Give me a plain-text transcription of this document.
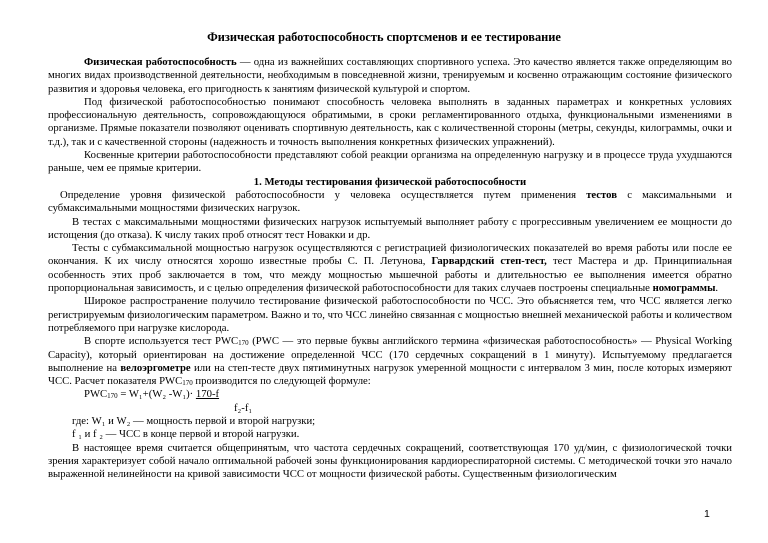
Физическая работоспособность спортсменов и ее тестирование

Физическая работоспособность — одна из важнейших составляющих спортивного успеха. Это качество является также определяющим во многих видах производственной деятельности, необходимым в повседневной жизни, тренируемым и косвенно отражающим состояние физического развития и здоровья человека, его пригодность к занятиям физической культурой и спортом.

Под физической работоспособностью понимают способность человека выполнять в заданных параметрах и конкретных условиях профессиональную деятельность, сопровождающуюся обратимыми, в сроки регламентированного отдыха, функциональными изменениями в организме. Прямые показатели позволяют оценивать спортивную деятельность, как с количественной стороны (метры, секунды, килограммы, очки и т.д.), так и с качественной стороны (надежность и точность выполнения конкретных физических упражнений).

Косвенные критерии работоспособности представляют собой реакции организма на определенную нагрузку и в процессе труда ухудшаются раньше, чем ее прямые критерии.

1. Методы тестирования физической работоспособности

Определение уровня физической работоспособности у человека осуществляется путем применения тестов с максимальными и субмаксимальными мощностями физических нагрузок.

В тестах с максимальными мощностями физических нагрузок испытуемый выполняет работу с прогрессивным увеличением ее мощности до истощения (до отказа). К числу таких проб относят тест Новакки и др.

Тесты с субмаксимальной мощностью нагрузок осуществляются с регистрацией физиологических показателей во время работы или после ее окончания. К их числу относятся хорошо известные пробы С. П. Летунова, Гарвардский степ-тест, тест Мастера и др. Принципиальная особенность этих проб заключается в том, что между мощностью мышечной работы и длительностью ее выполнения имеется обратно пропорциональная зависимость, и с целью определения физической работоспособности для таких случаев построены специальные номограммы.

Широкое распространение получило тестирование физической работоспособности по ЧСС. Это объясняется тем, что ЧСС является легко регистрируемым физиологическим параметром. Важно и то, что ЧСС линейно связанная с мощностью внешней механической работы и количеством потребляемого при нагрузке кислорода.

В спорте используется тест $PWC_{170}$ (PWC — это первые буквы английского термина «физическая работоспособность» — Physical Working Capacity), который ориентирован на достижение определенной ЧСС (170 сердечных сокращений в 1 минуту). Испытуемому предлагается выполнение на велоэргометре или на степ-тесте двух пятиминутных нагрузок умеренной мощности с интервалом 3 мин, после которых измеряют ЧСС. Расчет показателя $PWC_{170}$ производится по следующей формуле:

$PWC_{170} = W_1+(W_2$ -W₁)· 170-f

f₂-f₁

где: W₁ и W₂ — мощность первой и второй нагрузки;

f ₁ и f ₂ — ЧСС в конце первой и второй нагрузки.

В настоящее время считается общепринятым, что частота сердечных сокращений, соответствующая 170 уд/мин, с физиологической точки зрения характеризует собой начало оптимальной рабочей зоны функционирования кардиореспираторной системы. С методической точки это начало выраженной нелинейности на кривой зависимости ЧСС от мощности физической работы. Существенным физиологическим

1
